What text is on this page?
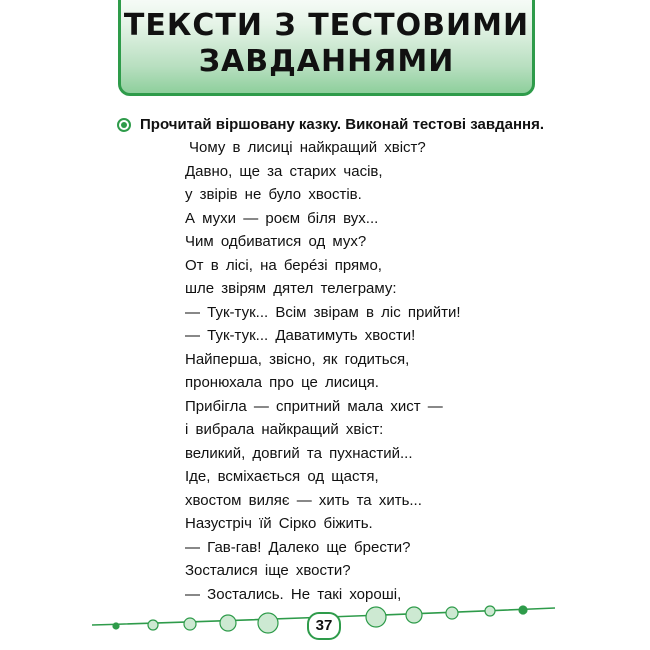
ТЕКСТИ З ТЕСТОВИМИ
ЗАВДАННЯМИ
Прочитай віршовану казку. Виконай тестові завдання.
Чому в лисиці найкращий хвіст?
Давно, ще за старих часів,
у звірів не було хвостів.
А мухи — роєм біля вух...
Чим одбиватися од мух?
От в лісі, на берéзі прямо,
шле звірям дятел телеграму:
— Тук-тук... Всім звірам в ліс прийти!
— Тук-тук... Даватимуть хвости!
Найперша, звісно, як годиться,
пронюхала про це лисиця.
Прибігла — спритний мала хист —
і вибрала найкращий хвіст:
великий, довгий та пухнастий...
Іде, всміхається од щастя,
хвостом виляє — хить та хить...
Назустріч їй Сірко біжить.
— Гав-гав! Далеко ще брести?
Зосталися іще хвости?
— Зостались. Не такі хороші,
37
